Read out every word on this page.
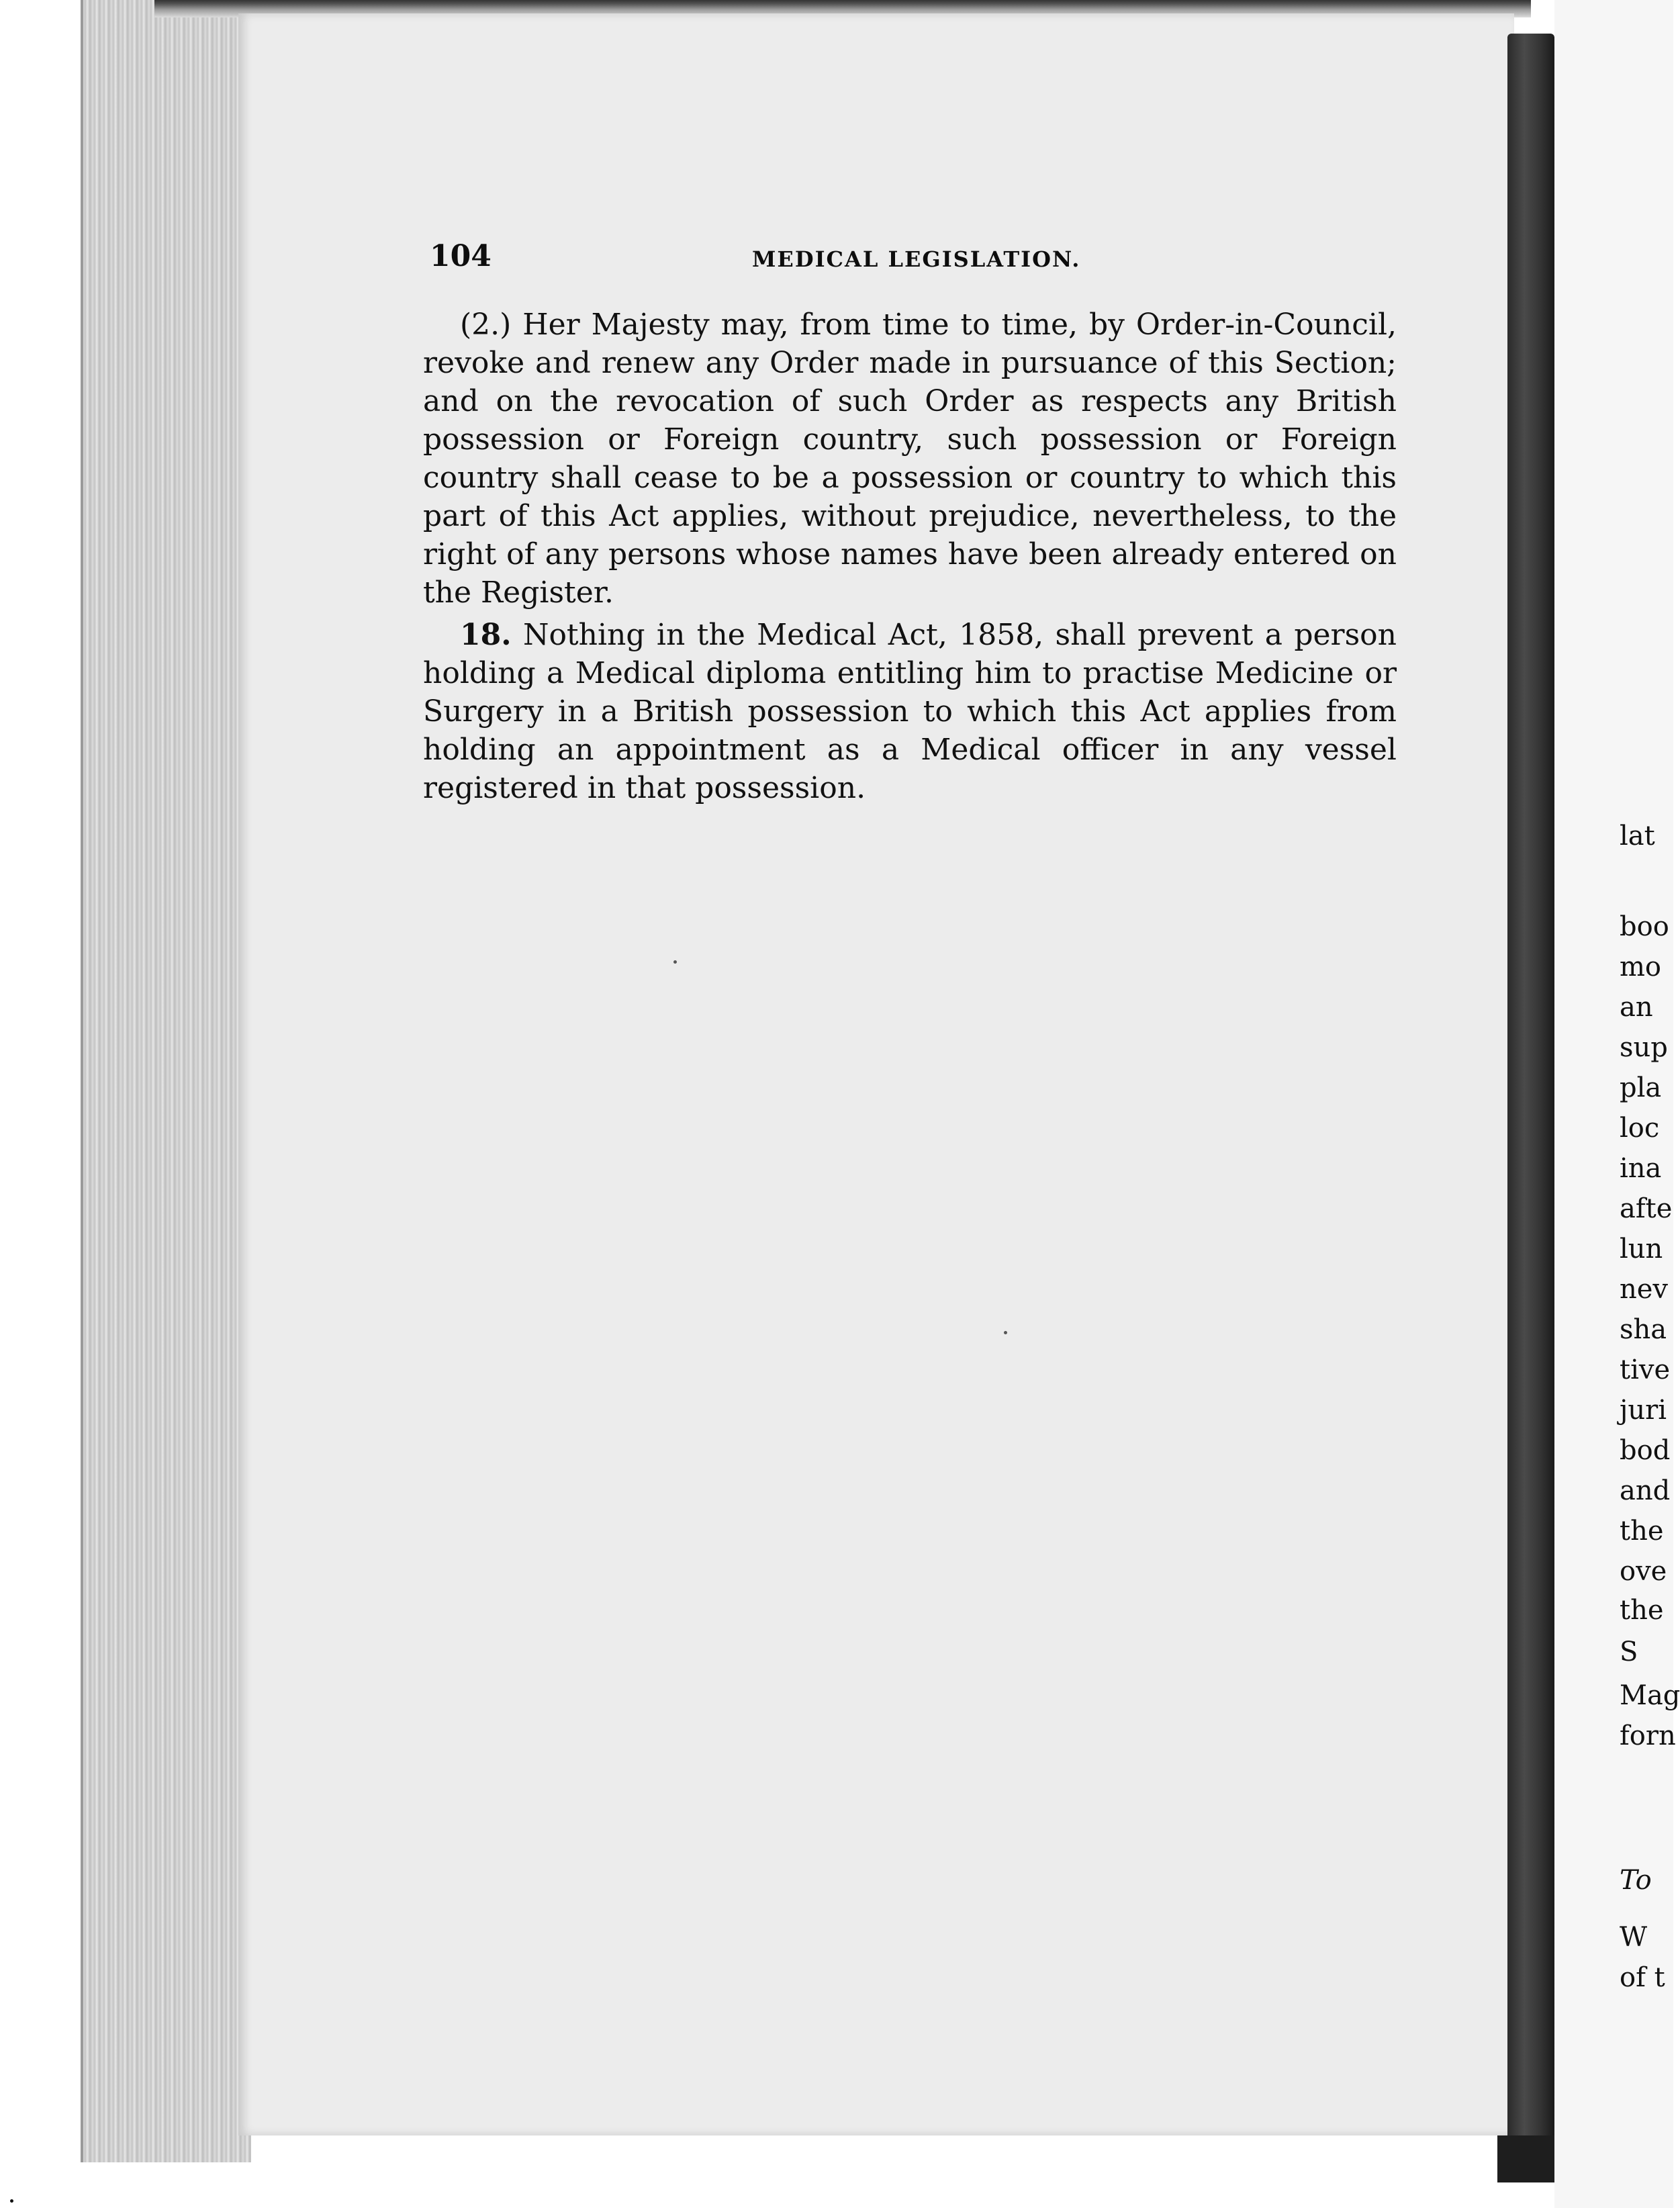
104	MEDICAL LEGISLATION.

(2.) Her Majesty may, from time to time, by Order-in-Council, revoke and renew any Order made in pursuance of this Section; and on the revocation of such Order as respects any British possession or Foreign country, such possession or Foreign country shall cease to be a possession or country to which this part of this Act applies, without prejudice, nevertheless, to the right of any persons whose names have been already entered on the Register.

18. Nothing in the Medical Act, 1858, shall prevent a person holding a Medical diploma entitling him to practise Medicine or Surgery in a British possession to which this Act applies from holding an appointment as a Medical officer in any vessel registered in that possession.

lat
boo
mo
an
sup
pla
loc
ina
afte
lun
nev
sha
tive
juri
bod
and
the
ove
the
S
Mag
forn
To
W
of t
